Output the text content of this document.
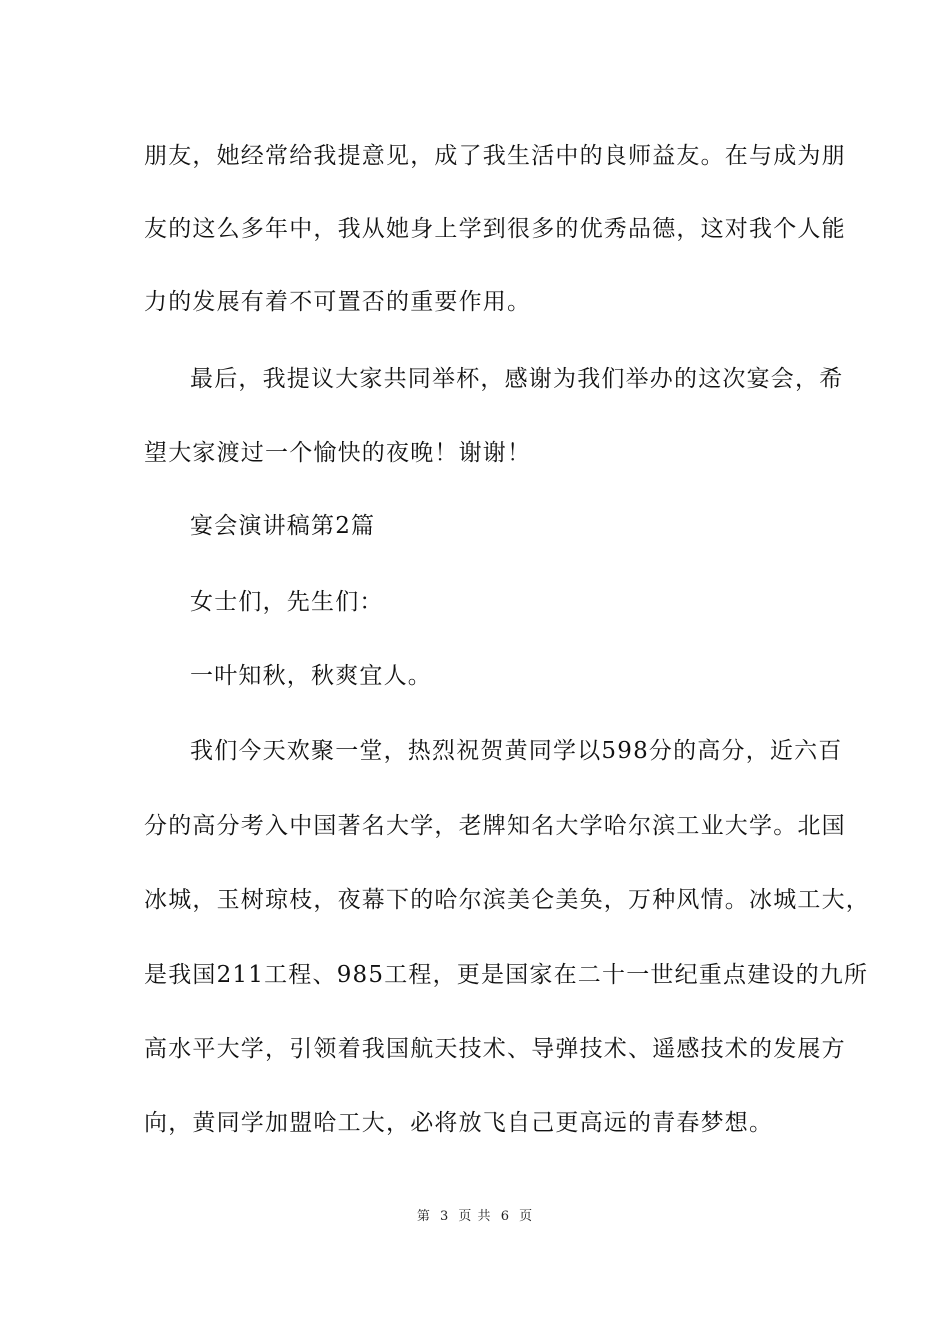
朋友，她经常给我提意见，成了我生活中的良师益友。在与成为朋
友的这么多年中，我从她身上学到很多的优秀品德，这对我个人能
力的发展有着不可置否的重要作用。
最后，我提议大家共同举杯，感谢为我们举办的这次宴会，希
望大家渡过一个愉快的夜晚！谢谢！
宴会演讲稿第2篇
女士们，先生们：
一叶知秋，秋爽宜人。
我们今天欢聚一堂，热烈祝贺黄同学以598分的高分，近六百
分的高分考入中国著名大学，老牌知名大学哈尔滨工业大学。北国
冰城，玉树琼枝，夜幕下的哈尔滨美仑美奂，万种风情。冰城工大，
是我国211工程、985工程，更是国家在二十一世纪重点建设的九所
高水平大学，引领着我国航天技术、导弹技术、遥感技术的发展方
向，黄同学加盟哈工大，必将放飞自己更高远的青春梦想。
第 3 页 共 6 页
